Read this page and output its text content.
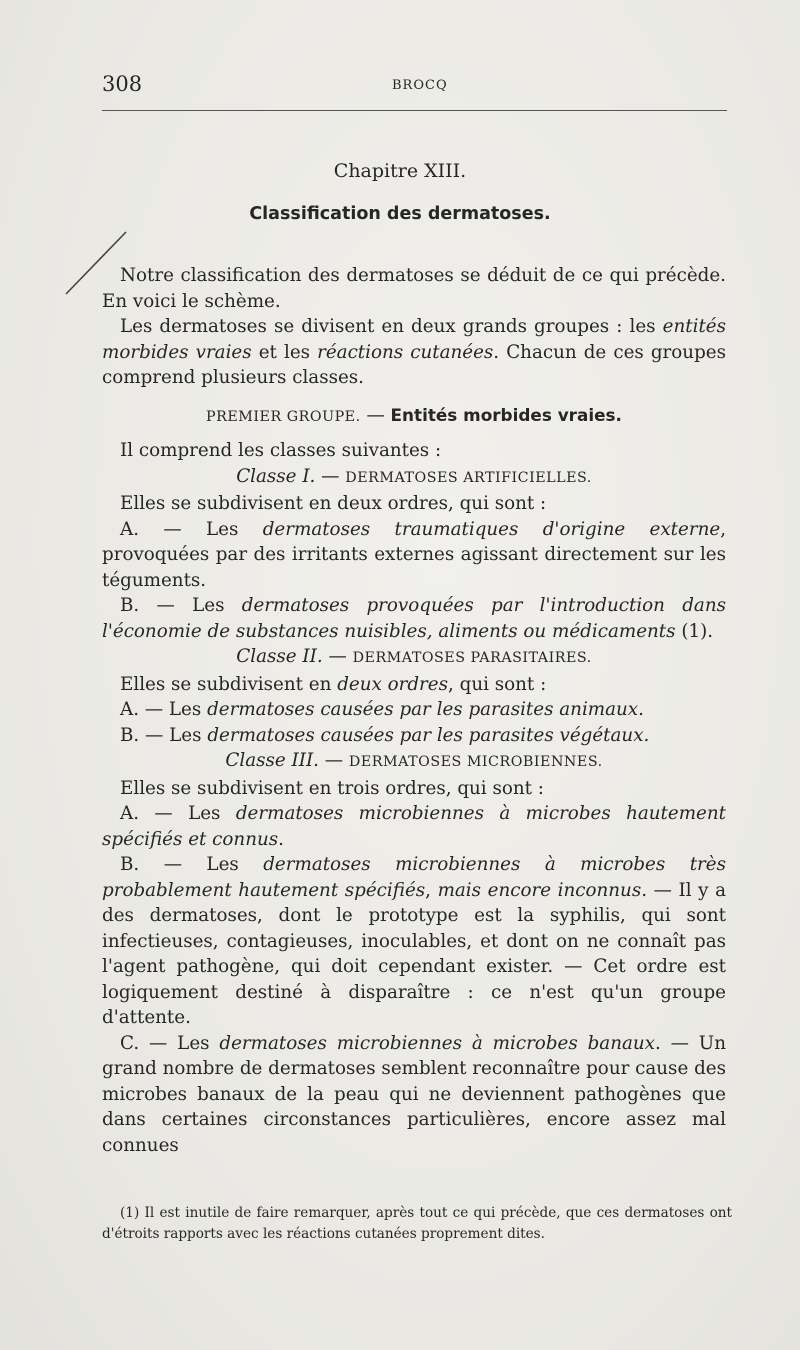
308	BROCQ
Chapitre XIII.
Classification des dermatoses.

Notre classification des dermatoses se déduit de ce qui précède. En voici le schème.

Les dermatoses se divisent en deux grands groupes : les entités morbides vraies et les réactions cutanées. Chacun de ces groupes comprend plusieurs classes.

PREMIER GROUPE. — Entités morbides vraies.

Il comprend les classes suivantes :

Classe I. — DERMATOSES ARTIFICIELLES.

Elles se subdivisent en deux ordres, qui sont :

A. — Les dermatoses traumatiques d'origine externe, provoquées par des irritants externes agissant directement sur les téguments.

B. — Les dermatoses provoquées par l'introduction dans l'économie de substances nuisibles, aliments ou médicaments (1).

Classe II. — DERMATOSES PARASITAIRES.

Elles se subdivisent en deux ordres, qui sont :

A. — Les dermatoses causées par les parasites animaux.

B. — Les dermatoses causées par les parasites végétaux.

Classe III. — DERMATOSES MICROBIENNES.

Elles se subdivisent en trois ordres, qui sont :

A. — Les dermatoses microbiennes à microbes hautement spécifiés et connus.

B. — Les dermatoses microbiennes à microbes très probablement hautement spécifiés, mais encore inconnus. — Il y a des dermatoses, dont le prototype est la syphilis, qui sont infectieuses, contagieuses, inoculables, et dont on ne connaît pas l'agent pathogène, qui doit cependant exister. — Cet ordre est logiquement destiné à disparaître : ce n'est qu'un groupe d'attente.

C. — Les dermatoses microbiennes à microbes banaux. — Un grand nombre de dermatoses semblent reconnaître pour cause des microbes banaux de la peau qui ne deviennent pathogènes que dans certaines circonstances particulières, encore assez mal connues

(1) Il est inutile de faire remarquer, après tout ce qui précède, que ces dermatoses ont d'étroits rapports avec les réactions cutanées proprement dites.
